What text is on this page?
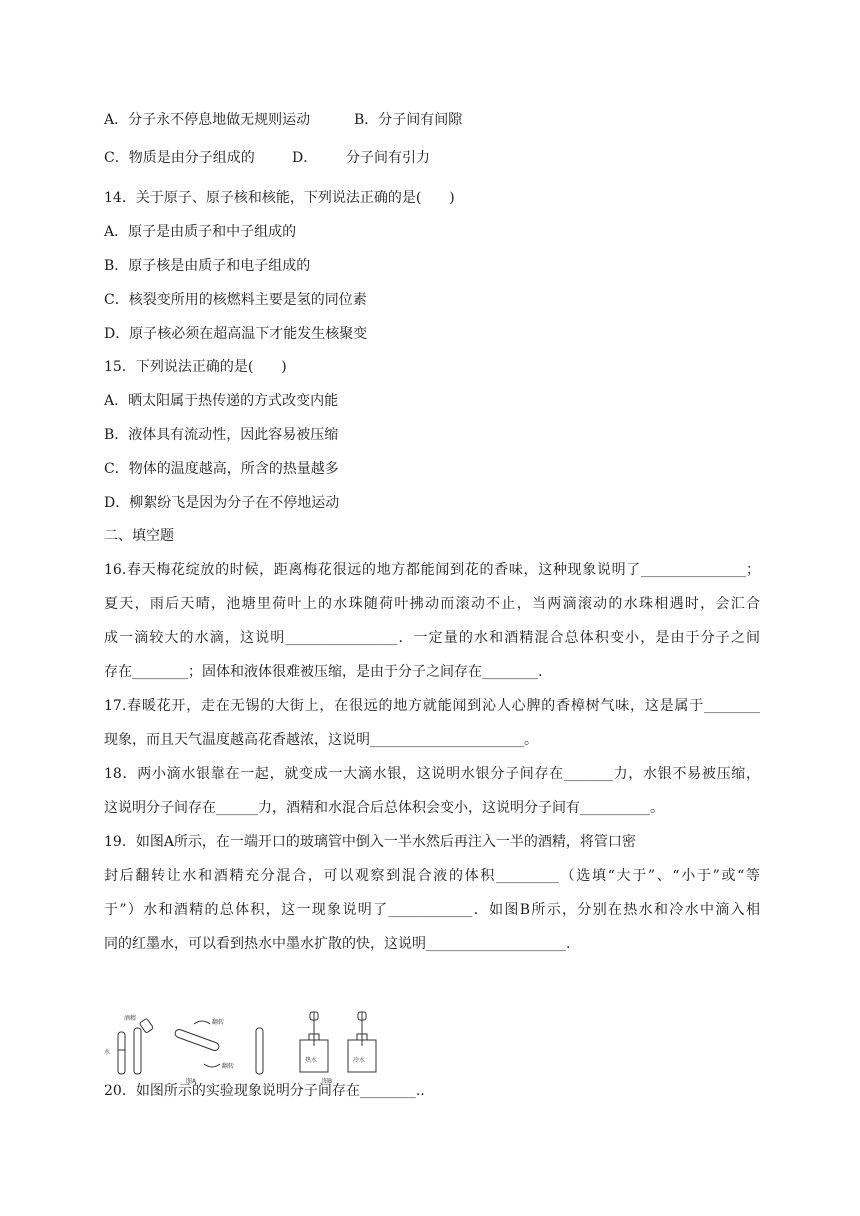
A．分子永不停息地做无规则运动	B．分子间有间隙
C．物质是由分子组成的	D． 分子间有引力
14．关于原子、原子核和核能，下列说法正确的是(　　)
A．原子是由质子和中子组成的
B．原子核是由质子和电子组成的
C．核裂变所用的核燃料主要是氢的同位素
D．原子核必须在超高温下才能发生核聚变
15．下列说法正确的是(　　)
A．晒太阳属于热传递的方式改变内能
B．液体具有流动性，因此容易被压缩
C．物体的温度越高，所含的热量越多
D．柳絮纷飞是因为分子在不停地运动
二、填空题
16.春天梅花绽放的时候，距离梅花很远的地方都能闻到花的香味，这种现象说明了_______________；
夏天，雨后天晴，池塘里荷叶上的水珠随荷叶拂动而滚动不止，当两滴滚动的水珠相遇时，会汇合
成一滴较大的水滴，这说明________________．一定量的水和酒精混合总体积变小，是由于分子之间
存在________；固体和液体很难被压缩，是由于分子之间存在________.
17.春暖花开，走在无锡的大街上，在很远的地方就能闻到沁人心脾的香樟树气味，这是属于________
现象，而且天气温度越高花香越浓，这说明______________________。
18．两小滴水银靠在一起，就变成一大滴水银，这说明水银分子间存在_______力，水银不易被压缩，
这说明分子间存在______力，酒精和水混合后总体积会变小，这说明分子间有__________。
19．如图A所示，在一端开口的玻璃管中倒入一半水然后再注入一半的酒精，将管口密
封后翻转让水和酒精充分混合，可以观察到混合液的体积_________（选填“大于”、“小于”或“等
于”）水和酒精的总体积，这一现象说明了____________．如图B所示，分别在热水和冷水中滴入相
同的红墨水，可以看到热水中墨水扩散的快，这说明____________________.
水
酒精
翻转
翻转
图A
热水	冷水
图B
20．如图所示的实验现象说明分子间存在________..
